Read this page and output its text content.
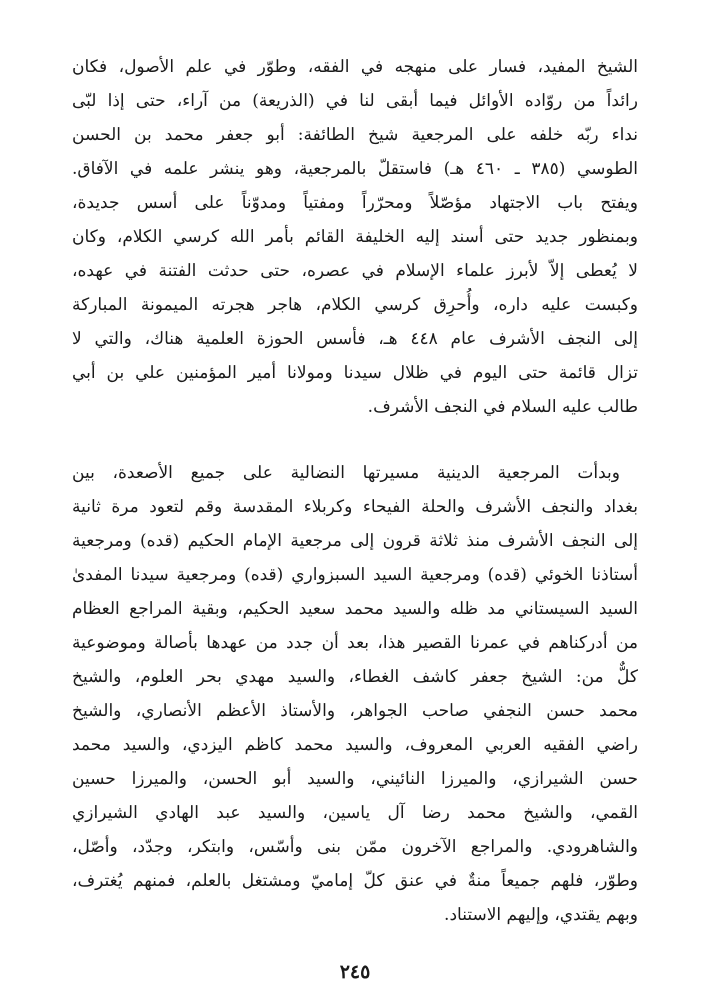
الشيخ المفيد، فسار على منهجه في الفقه، وطوّر في علم الأصول، فكان
رائداً من روّاده الأوائل فيما أبقى لنا في (الذريعة) من آراء، حتى إذا لبّى
نداء ربّه خلفه على المرجعية شيخ الطائفة: أبو جعفر محمد بن الحسن
الطوسي (٣٨٥ ـ ٤٦٠ هـ) فاستقلّ بالمرجعية، وهو ينشر علمه في الآفاق.
ويفتح باب الاجتهاد مؤصّلاً ومحرّراً ومفتياً ومدوّناً على أسس جديدة،
وبمنظور جديد حتى أسند إليه الخليفة القائم بأمر الله كرسي الكلام، وكان
لا يُعطى إلاّ لأبرز علماء الإسلام في عصره، حتى حدثت الفتنة في عهده،
وكبست عليه داره، وأُحرِق كرسي الكلام، هاجر هجرته الميمونة المباركة
إلى النجف الأشرف عام ٤٤٨ هـ، فأسس الحوزة العلمية هناك، والتي لا
تزال قائمة حتى اليوم في ظلال سيدنا ومولانا أمير المؤمنين علي بن أبي
طالب عليه السلام في النجف الأشرف.
وبدأت المرجعية الدينية مسيرتها النضالية على جميع الأصعدة، بين
بغداد والنجف الأشرف والحلة الفيحاء وكربلاء المقدسة وقم لتعود مرة ثانية
إلى النجف الأشرف منذ ثلاثة قرون إلى مرجعية الإمام الحكيم (قده) ومرجعية
أستاذنا الخوئي (قده) ومرجعية السيد السبزواري (قده) ومرجعية سيدنا المفدىٰ
السيد السيستاني مد ظله والسيد محمد سعيد الحكيم، وبقية المراجع العظام
من أدركناهم في عمرنا القصير هذا، بعد أن جدد من عهدها بأصالة وموضوعية
كلٌّ من: الشيخ جعفر كاشف الغطاء، والسيد مهدي بحر العلوم، والشيخ
محمد حسن النجفي صاحب الجواهر، والأستاذ الأعظم الأنصاري، والشيخ
راضي الفقيه العربي المعروف، والسيد محمد كاظم اليزدي، والسيد محمد
حسن الشيرازي، والميرزا النائيني، والسيد أبو الحسن، والميرزا حسين
القمي، والشيخ محمد رضا آل ياسين، والسيد عبد الهادي الشيرازي
والشاهرودي. والمراجع الآخرون ممّن بنى وأسّس، وابتكر، وجدّد، وأصّل،
وطوّر، فلهم جميعاً منةٌ في عنق كلّ إماميّ ومشتغل بالعلم، فمنهم يُغترف،
وبهم يقتدي، وإليهم الاستناد.
٢٤٥
